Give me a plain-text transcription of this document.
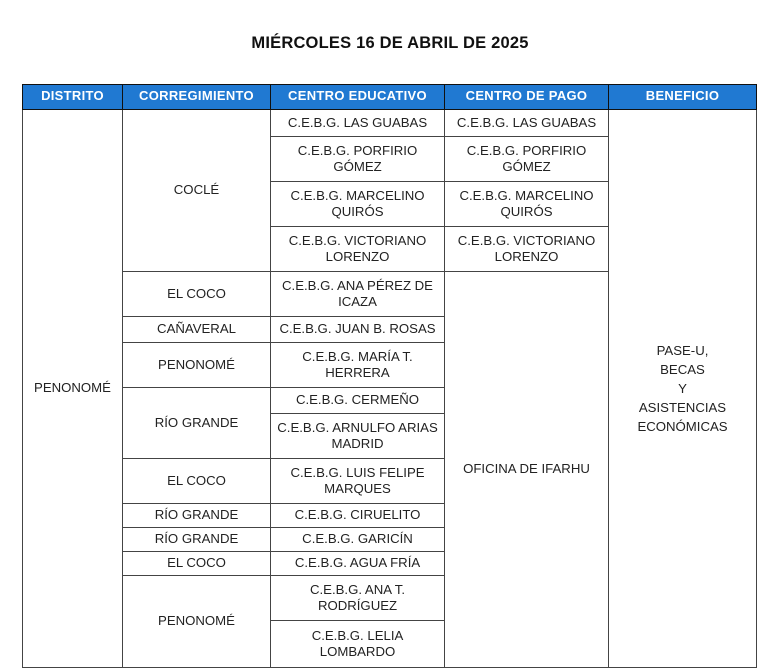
MIÉRCOLES 16 DE ABRIL DE 2025
DISTRITO	CORREGIMIENTO	CENTRO EDUCATIVO	CENTRO DE PAGO	BENEFICIO

PENONOMÉ	COCLÉ	C.E.B.G. LAS GUABAS	C.E.B.G. LAS GUABAS	PASE-U,
BECAS
Y
ASISTENCIAS
ECONÓMICAS

		C.E.B.G. PORFIRIO GÓMEZ	C.E.B.G. PORFIRIO GÓMEZ	

		C.E.B.G. MARCELINO QUIRÓS	C.E.B.G. MARCELINO QUIRÓS	

		C.E.B.G. VICTORIANO LORENZO	C.E.B.G. VICTORIANO LORENZO	

	EL COCO	C.E.B.G. ANA PÉREZ DE ICAZA	OFICINA DE IFARHU	

	CAÑAVERAL	C.E.B.G. JUAN B. ROSAS		

	PENONOMÉ	C.E.B.G. MARÍA T. HERRERA		

	RÍO GRANDE	C.E.B.G. CERMEÑO		

		C.E.B.G. ARNULFO ARIAS MADRID		

	EL COCO	C.E.B.G. LUIS FELIPE MARQUES		

	RÍO GRANDE	C.E.B.G. CIRUELITO		

	RÍO GRANDE	C.E.B.G. GARICÍN		

	EL COCO	C.E.B.G. AGUA FRÍA		

	PENONOMÉ	C.E.B.G. ANA T. RODRÍGUEZ		

		C.E.B.G. LELIA LOMBARDO		
